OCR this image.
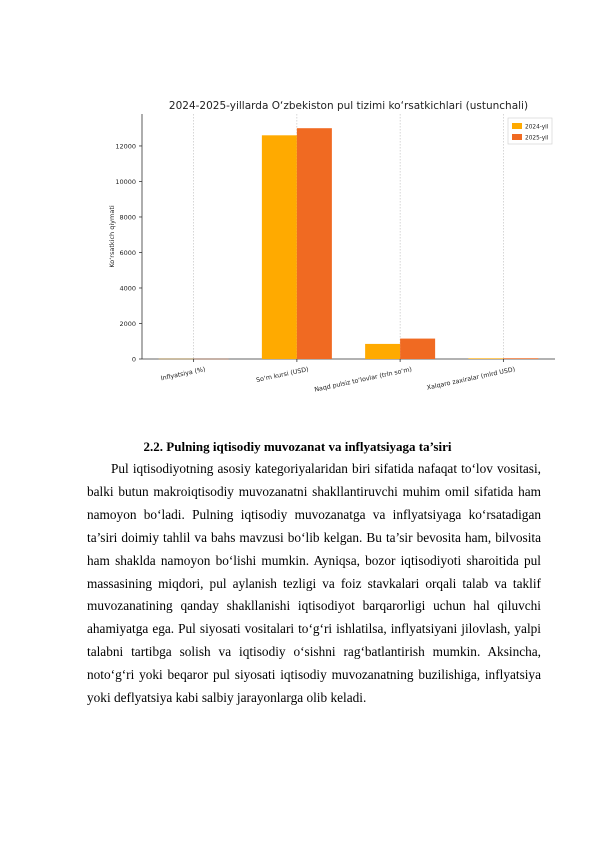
2024-2025-yillarda O‘zbekiston pul tizimi ko‘rsatkichlari (ustunchali)
0
2000
4000
6000
8000
10000
12000
Ko‘rsatkich qiymati
Inflyatsiya (%)	So‘m kursi (USD) Naqd pulsiz to‘lovlar (trln so‘m) Xalqaro zaxiralar (mlrd USD)
2024-yil
2025-yil
2.2. Pulning iqtisodiy muvozanat va inflyatsiyaga ta’siri

Pul iqtisodiyotning asosiy kategoriyalaridan biri sifatida nafaqat to‘lov vositasi, balki butun makroiqtisodiy muvozanatni shakllantiruvchi muhim omil sifatida ham namoyon bo‘ladi. Pulning iqtisodiy muvozanatga va inflyatsiyaga ko‘rsatadigan ta’siri doimiy tahlil va bahs mavzusi bo‘lib kelgan. Bu ta’sir bevosita ham, bilvosita ham shaklda namoyon bo‘lishi mumkin. Ayniqsa, bozor iqtisodiyoti sharoitida pul massasining miqdori, pul aylanish tezligi va foiz stavkalari orqali talab va taklif muvozanatining qanday shakllanishi iqtisodiyot barqarorligi uchun hal qiluvchi ahamiyatga ega. Pul siyosati vositalari to‘g‘ri ishlatilsa, inflyatsiyani jilovlash, yalpi talabni tartibga solish va iqtisodiy o‘sishni rag‘batlantirish mumkin. Aksincha, noto‘g‘ri yoki beqaror pul siyosati iqtisodiy muvozanatning buzilishiga, inflyatsiya yoki deflyatsiya kabi salbiy jarayonlarga olib keladi.
